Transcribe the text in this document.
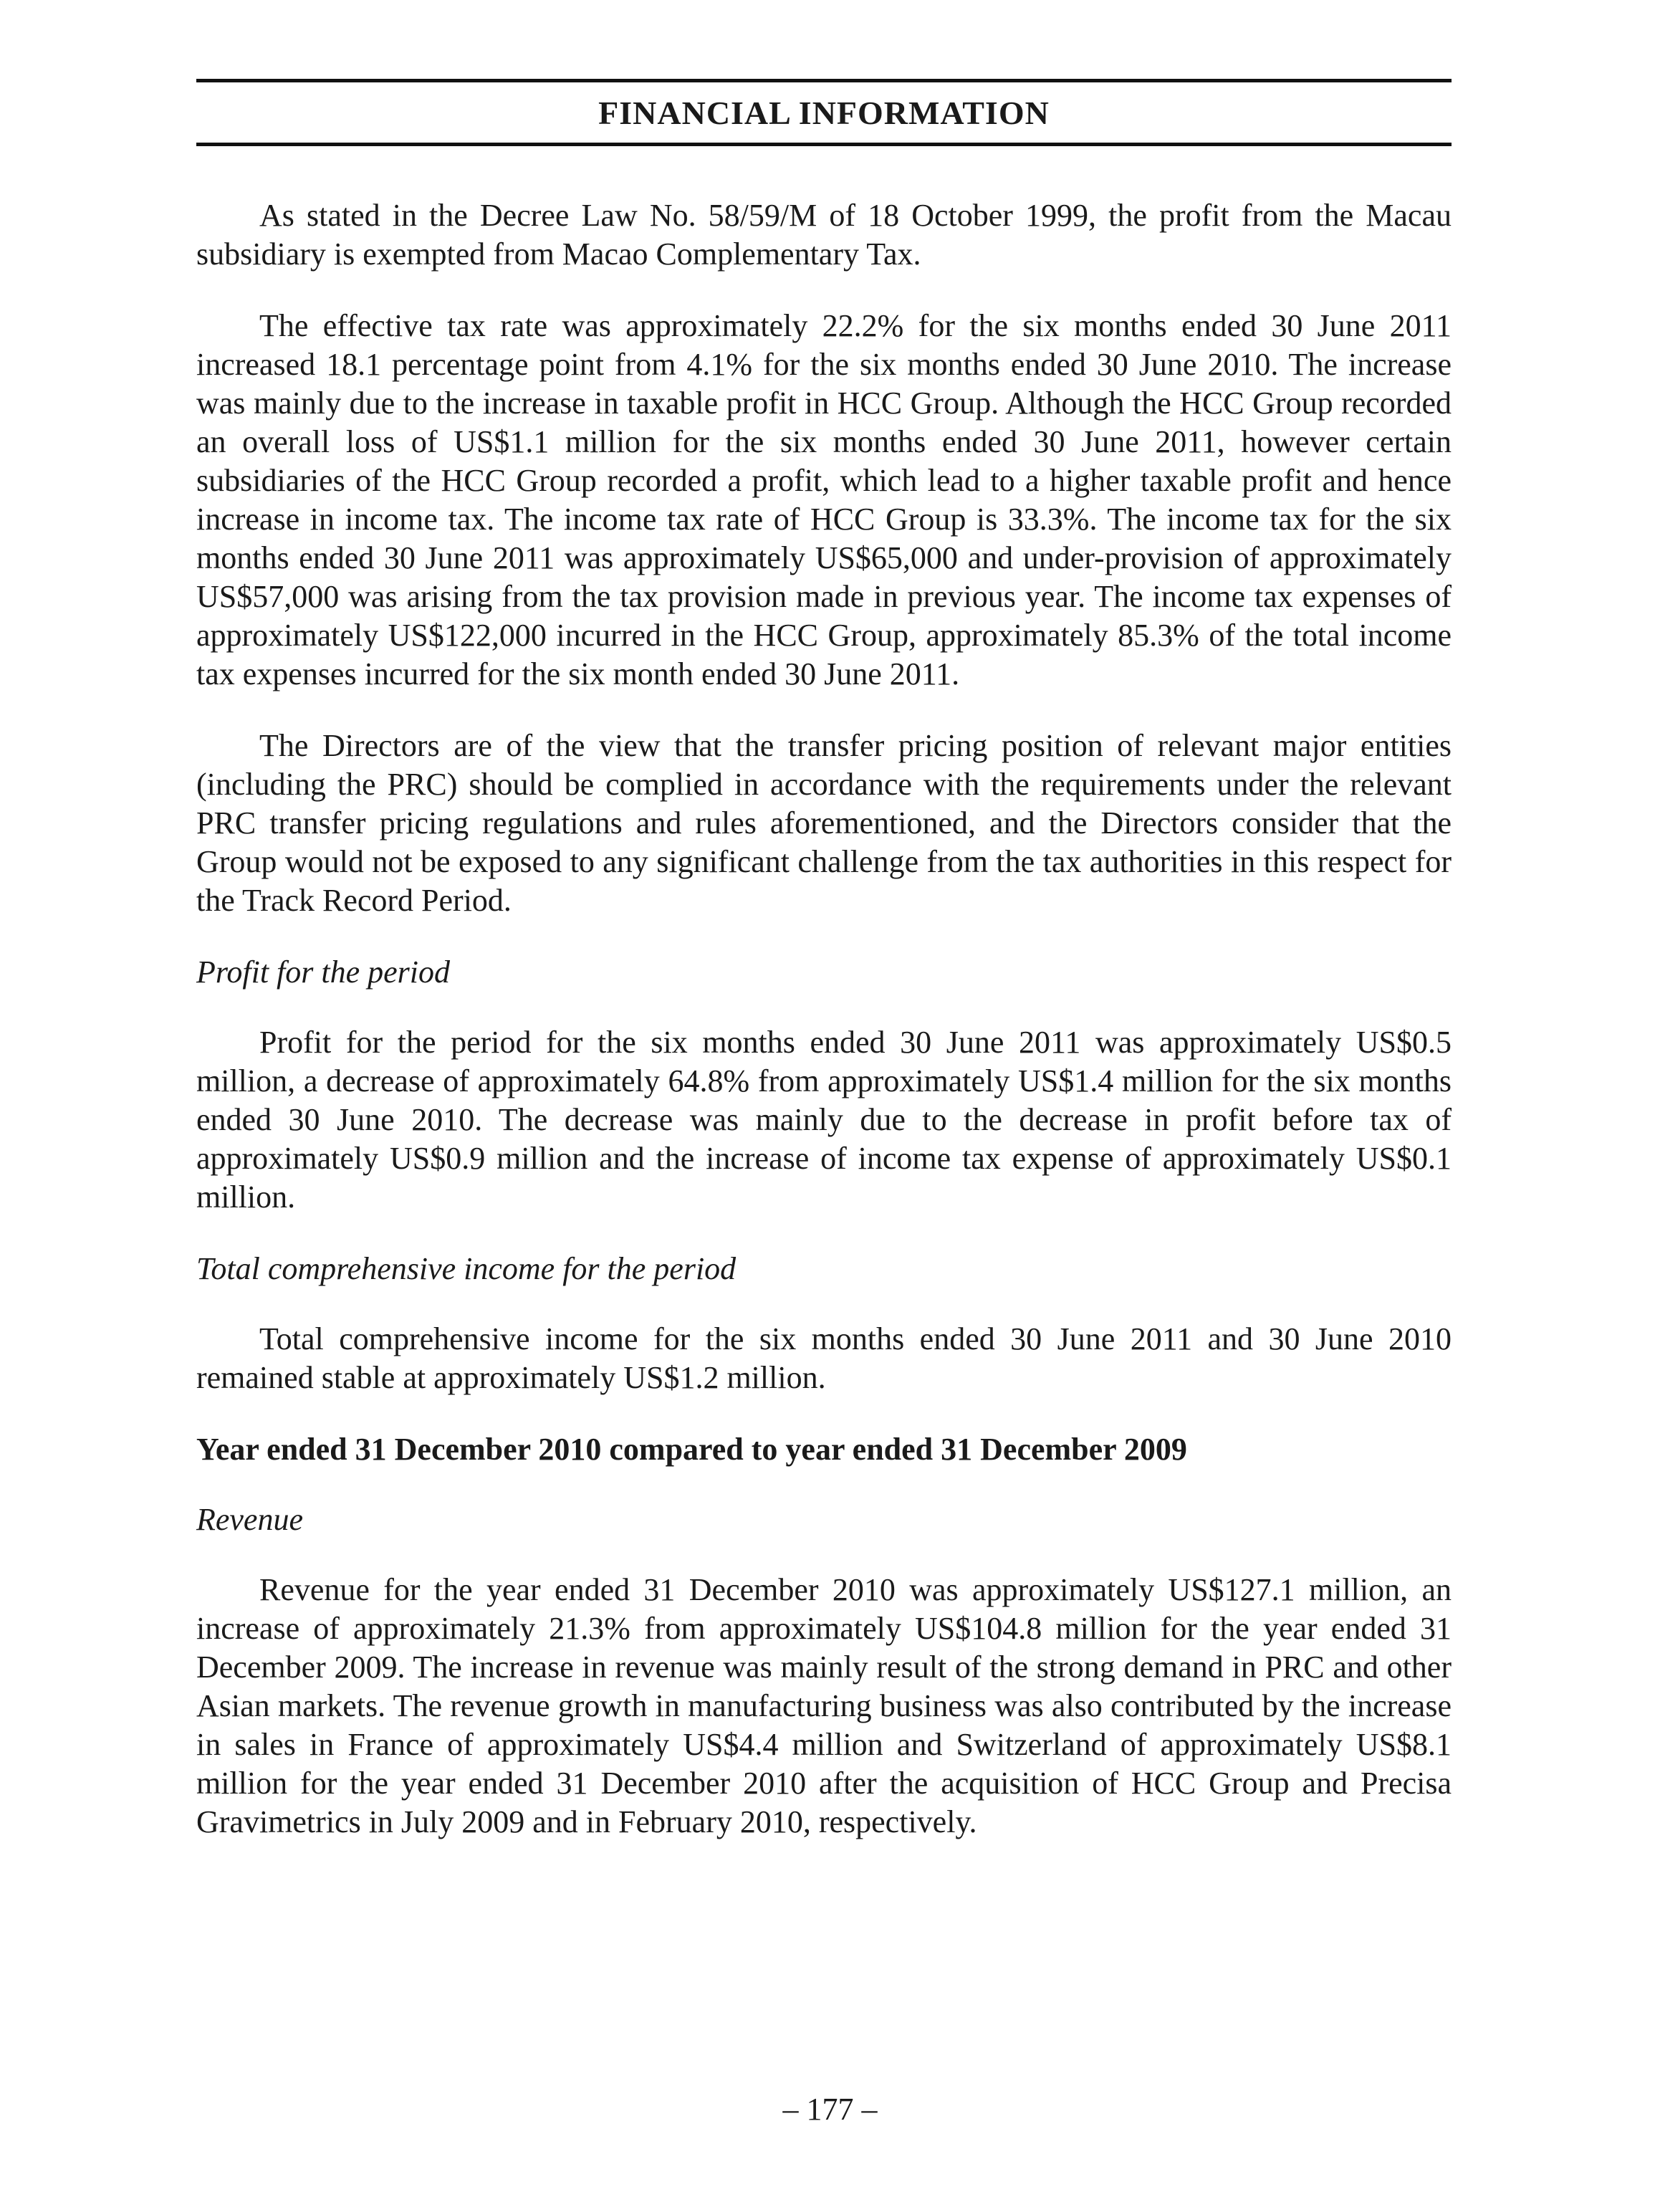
FINANCIAL INFORMATION

As stated in the Decree Law No. 58/59/M of 18 October 1999, the profit from the Macau subsidiary is exempted from Macao Complementary Tax.

The effective tax rate was approximately 22.2% for the six months ended 30 June 2011 increased 18.1 percentage point from 4.1% for the six months ended 30 June 2010. The increase was mainly due to the increase in taxable profit in HCC Group. Although the HCC Group recorded an overall loss of US$1.1 million for the six months ended 30 June 2011, however certain subsidiaries of the HCC Group recorded a profit, which lead to a higher taxable profit and hence increase in income tax. The income tax rate of HCC Group is 33.3%. The income tax for the six months ended 30 June 2011 was approximately US$65,000 and under-provision of approximately US$57,000 was arising from the tax provision made in previous year. The income tax expenses of approximately US$122,000 incurred in the HCC Group, approximately 85.3% of the total income tax expenses incurred for the six month ended 30 June 2011.

The Directors are of the view that the transfer pricing position of relevant major entities (including the PRC) should be complied in accordance with the requirements under the relevant PRC transfer pricing regulations and rules aforementioned, and the Directors consider that the Group would not be exposed to any significant challenge from the tax authorities in this respect for the Track Record Period.

Profit for the period

Profit for the period for the six months ended 30 June 2011 was approximately US$0.5 million, a decrease of approximately 64.8% from approximately US$1.4 million for the six months ended 30 June 2010. The decrease was mainly due to the decrease in profit before tax of approximately US$0.9 million and the increase of income tax expense of approximately US$0.1 million.

Total comprehensive income for the period

Total comprehensive income for the six months ended 30 June 2011 and 30 June 2010 remained stable at approximately US$1.2 million.

Year ended 31 December 2010 compared to year ended 31 December 2009
Revenue

Revenue for the year ended 31 December 2010 was approximately US$127.1 million, an increase of approximately 21.3% from approximately US$104.8 million for the year ended 31 December 2009. The increase in revenue was mainly result of the strong demand in PRC and other Asian markets. The revenue growth in manufacturing business was also contributed by the increase in sales in France of approximately US$4.4 million and Switzerland of approximately US$8.1 million for the year ended 31 December 2010 after the acquisition of HCC Group and Precisa Gravimetrics in July 2009 and in February 2010, respectively.

– 177 –
